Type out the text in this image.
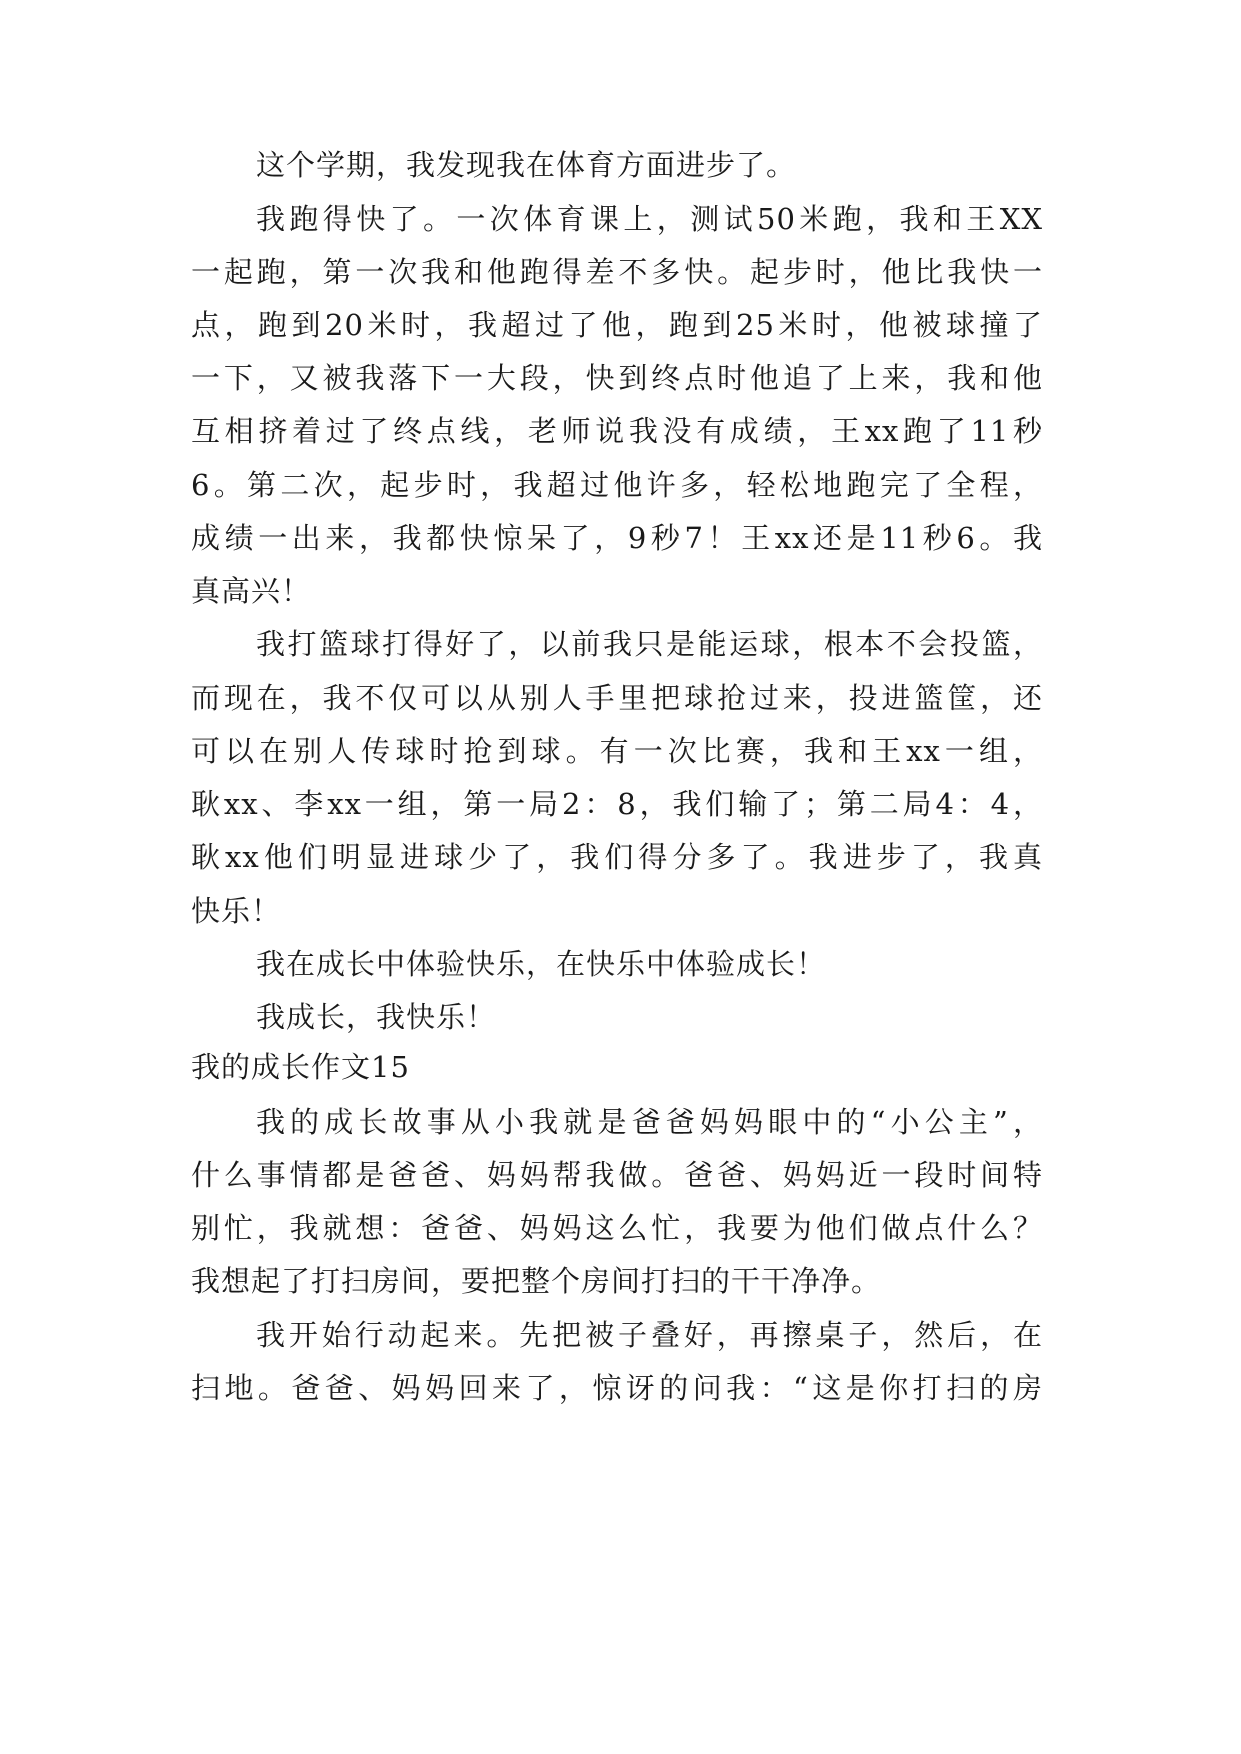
这个学期，我发现我在体育方面进步了。

我跑得快了。一次体育课上，测试50米跑，我和王XX

一起跑，第一次我和他跑得差不多快。起步时，他比我快一

点，跑到20米时，我超过了他，跑到25米时，他被球撞了

一下，又被我落下一大段，快到终点时他追了上来，我和他

互相挤着过了终点线，老师说我没有成绩，王xx跑了11秒

6。第二次，起步时，我超过他许多，轻松地跑完了全程，

成绩一出来，我都快惊呆了，9秒7！王xx还是11秒6。我

真高兴！

我打篮球打得好了，以前我只是能运球，根本不会投篮，

而现在，我不仅可以从别人手里把球抢过来，投进篮筐，还

可以在别人传球时抢到球。有一次比赛，我和王xx一组，

耿xx、李xx一组，第一局2：8，我们输了；第二局4：4，

耿xx他们明显进球少了，我们得分多了。我进步了，我真

快乐！

我在成长中体验快乐，在快乐中体验成长！

我成长，我快乐！

我的成长作文15

我的成长故事从小我就是爸爸妈妈眼中的“小公主”，

什么事情都是爸爸、妈妈帮我做。爸爸、妈妈近一段时间特

别忙，我就想：爸爸、妈妈这么忙，我要为他们做点什么？

我想起了打扫房间，要把整个房间打扫的干干净净。

我开始行动起来。先把被子叠好，再擦桌子，然后，在

扫地。爸爸、妈妈回来了，惊讶的问我：“这是你打扫的房
